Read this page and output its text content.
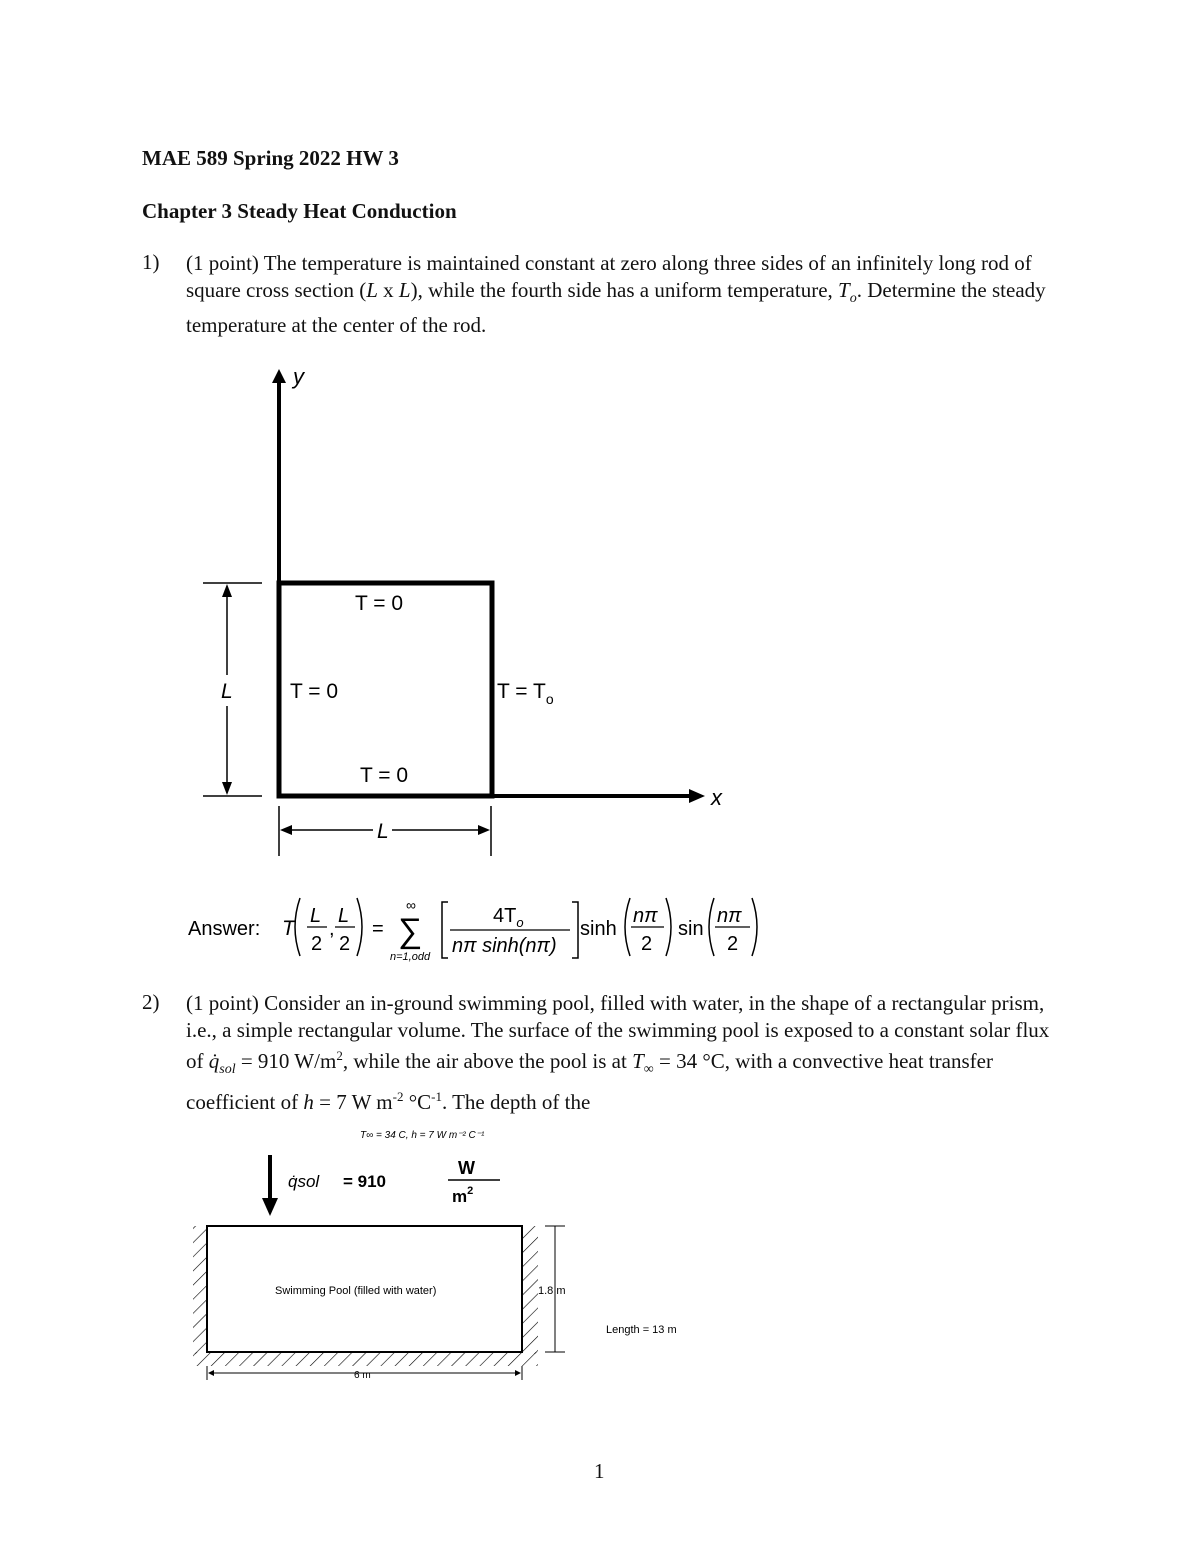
MAE 589 Spring 2022 HW 3
Chapter 3 Steady Heat Conduction
1) (1 point) The temperature is maintained constant at zero along three sides of an infinitely long rod of square cross section (L x L), while the fourth side has a uniform temperature, $T_o$. Determine the steady temperature at the center of the rod.
y
x
T = 0
T = 0	$T = T_o$
T = 0
L
L
Answer: T
L
2
,
L
2
=
∞
∑
n=1,odd
$4T_o$
nπ sinh(nπ)
sinh
nπ
2
sin
nπ
2
2) (1 point) Consider an in-ground swimming pool, filled with water, in the shape of a rectangular prism, i.e., a simple rectangular volume. The surface of the swimming pool is exposed to a constant solar flux of $q̇_{sol} = 910$ $W/m^2$, while the air above the pool is at $T_\infty = 34$ °C, with a convective heat transfer coefficient of h = 7 W $m^{-2}$ $^\circ C^{-1}$. The depth of the
T∞ = 34 C, h = 7 W m⁻² C⁻¹
q̇sol = 910
W
$m^2$
Swimming Pool (filled with water)	1.8 m
Length = 13 m
6 m
1
